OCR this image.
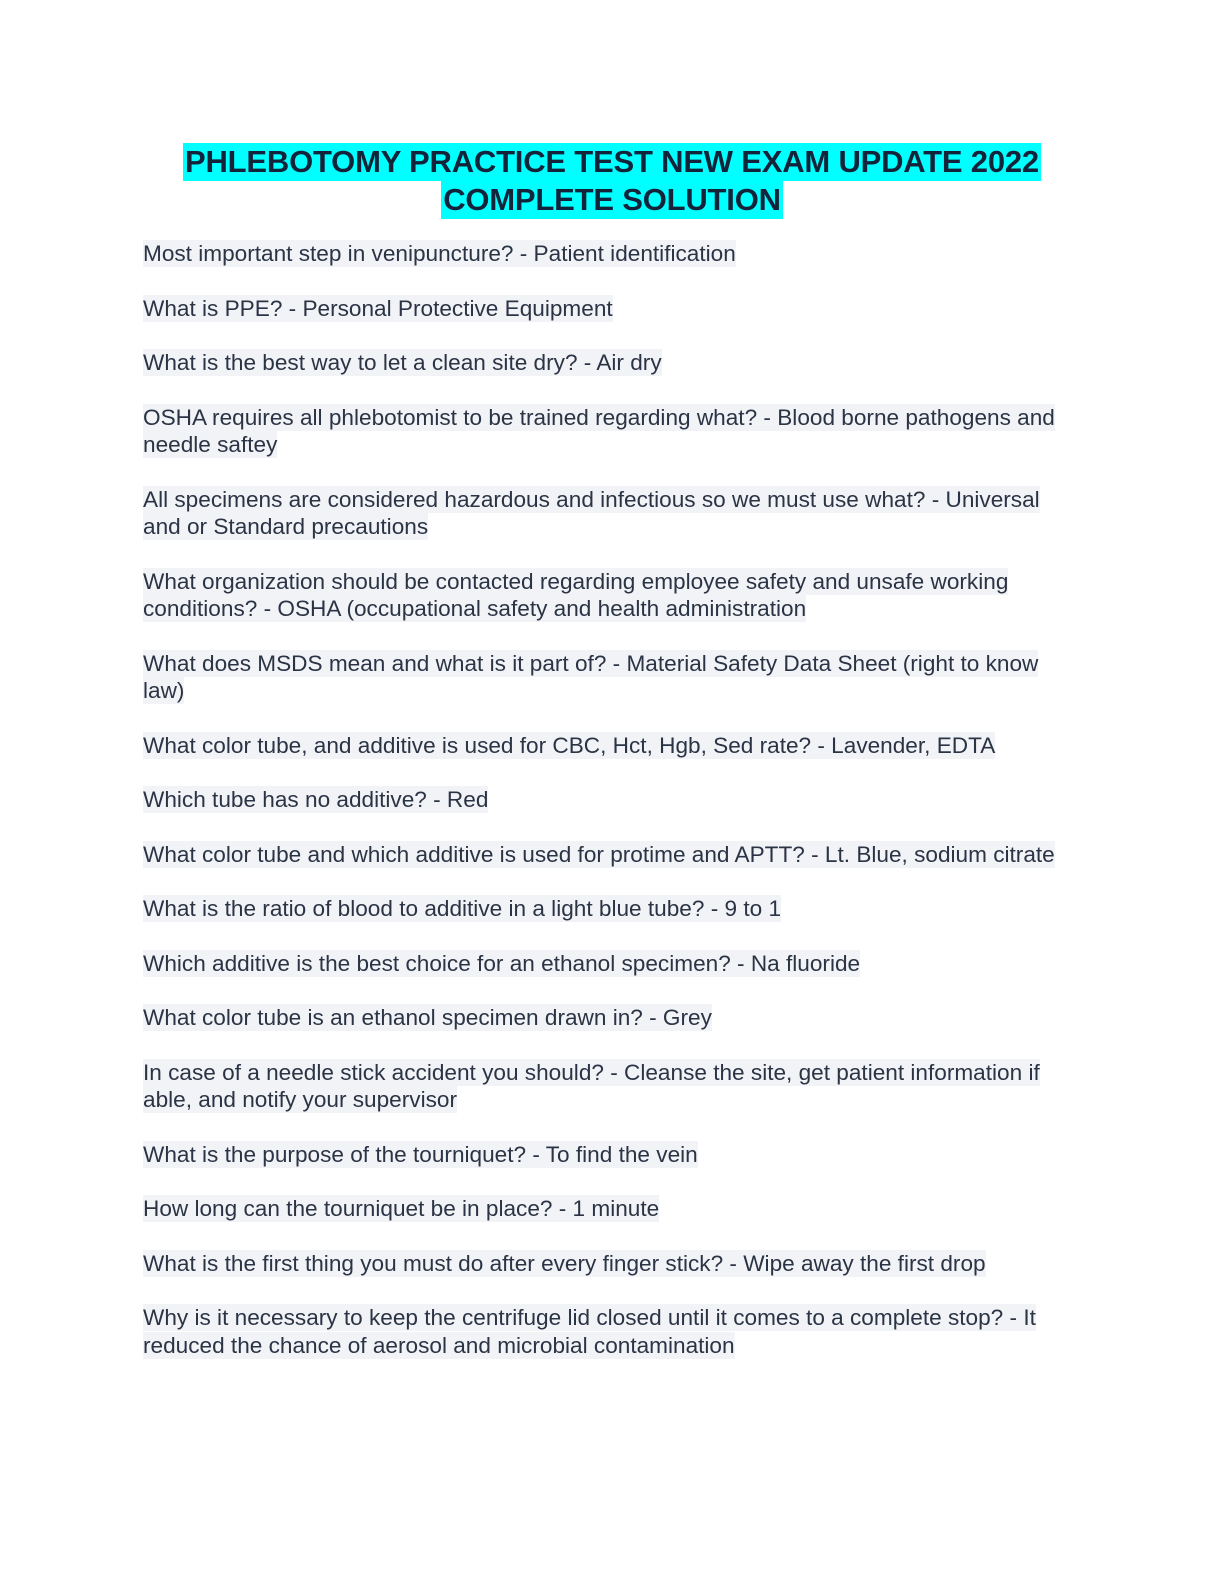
PHLEBOTOMY PRACTICE TEST NEW EXAM UPDATE 2022
COMPLETE SOLUTION

Most important step in venipuncture? - Patient identification

What is PPE? - Personal Protective Equipment

What is the best way to let a clean site dry? - Air dry

OSHA requires all phlebotomist to be trained regarding what? - Blood borne pathogens and needle saftey

All specimens are considered hazardous and infectious so we must use what? - Universal and or Standard precautions

What organization should be contacted regarding employee safety and unsafe working conditions? - OSHA (occupational safety and health administration

What does MSDS mean and what is it part of? - Material Safety Data Sheet (right to know law)

What color tube, and additive is used for CBC, Hct, Hgb, Sed rate? - Lavender, EDTA

Which tube has no additive? - Red

What color tube and which additive is used for protime and APTT? - Lt. Blue, sodium citrate

What is the ratio of blood to additive in a light blue tube? - 9 to 1

Which additive is the best choice for an ethanol specimen? - Na fluoride

What color tube is an ethanol specimen drawn in? - Grey

In case of a needle stick accident you should? - Cleanse the site, get patient information if able, and notify your supervisor

What is the purpose of the tourniquet? - To find the vein

How long can the tourniquet be in place? - 1 minute

What is the first thing you must do after every finger stick? - Wipe away the first drop

Why is it necessary to keep the centrifuge lid closed until it comes to a complete stop? - It reduced the chance of aerosol and microbial contamination
